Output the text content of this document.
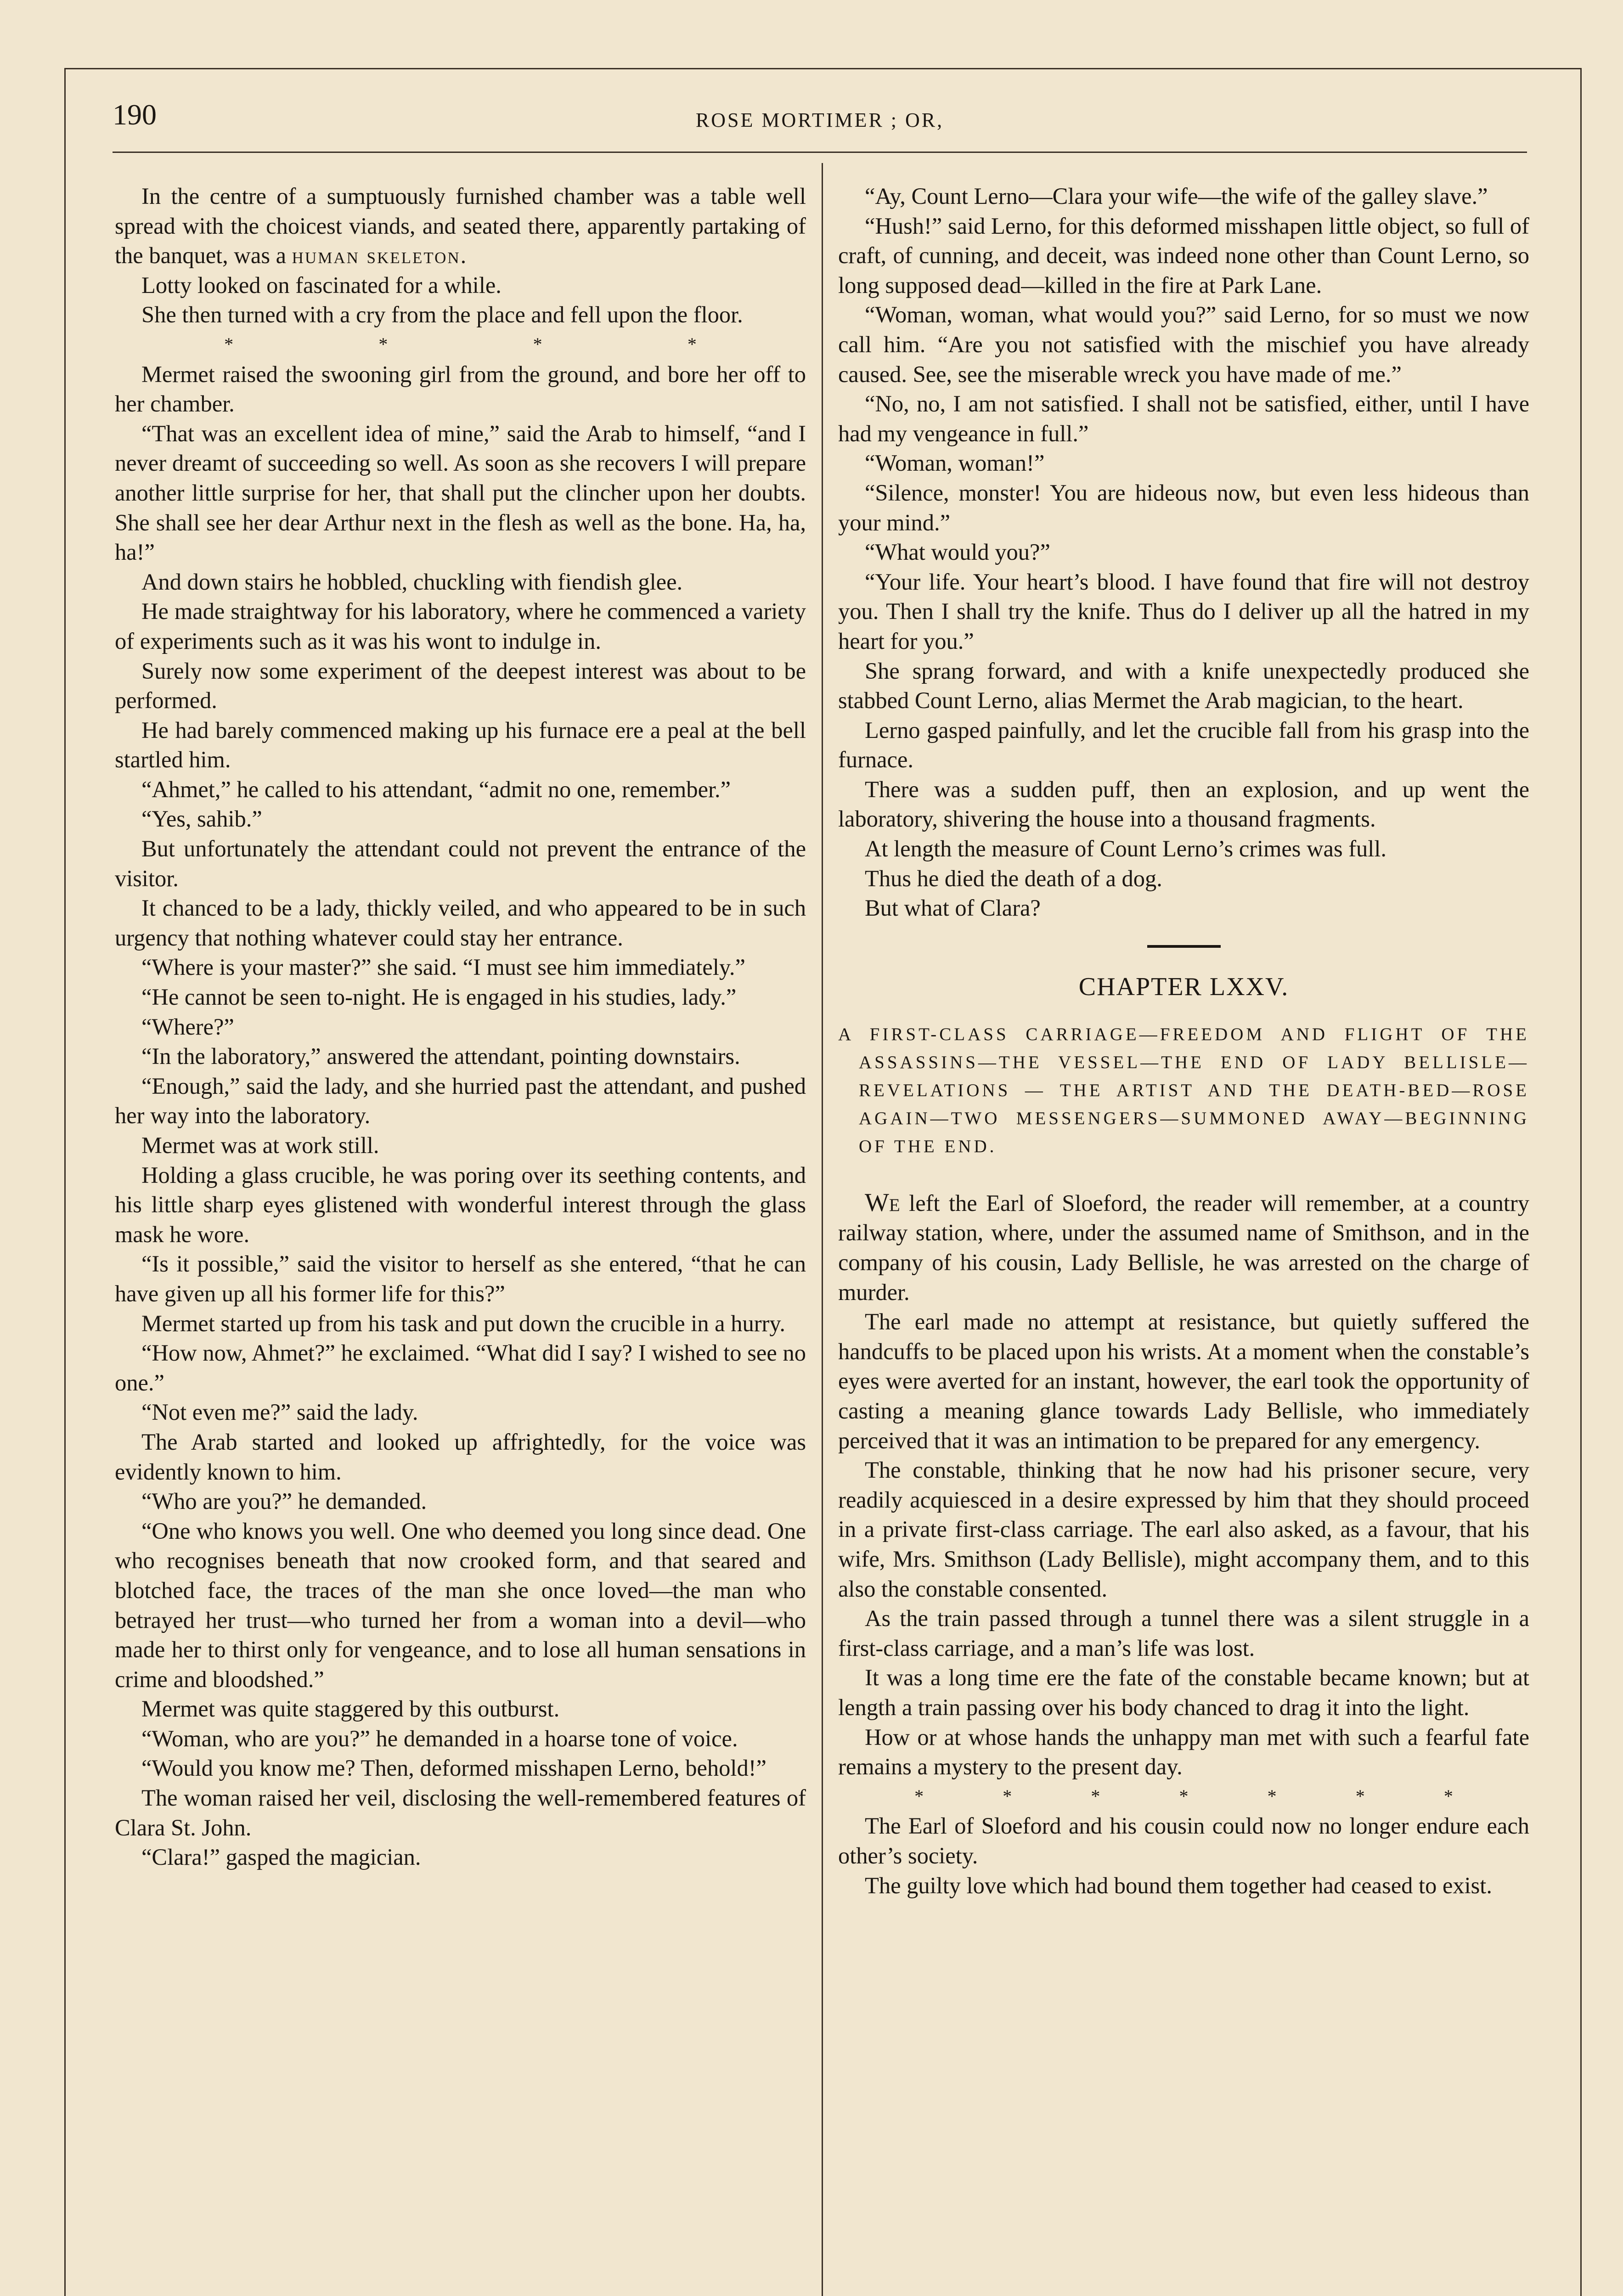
190	ROSE MORTIMER ; OR,

In the centre of a sumptuously furnished chamber was a table well spread with the choicest viands, and seated there, apparently partaking of the banquet, was a human skeleton.

Lotty looked on fascinated for a while.

She then turned with a cry from the place and fell upon the floor.

*	*	*	*

Mermet raised the swooning girl from the ground, and bore her off to her chamber.

“That was an excellent idea of mine,” said the Arab to himself, “and I never dreamt of succeeding so well. As soon as she recovers I will prepare another little surprise for her, that shall put the clincher upon her doubts. She shall see her dear Arthur next in the flesh as well as the bone. Ha, ha, ha!”

And down stairs he hobbled, chuckling with fiendish glee.

He made straightway for his laboratory, where he commenced a variety of experiments such as it was his wont to indulge in.

Surely now some experiment of the deepest interest was about to be performed.

He had barely commenced making up his furnace ere a peal at the bell startled him.

“Ahmet,” he called to his attendant, “admit no one, remember.”

“Yes, sahib.”

But unfortunately the attendant could not prevent the entrance of the visitor.

It chanced to be a lady, thickly veiled, and who appeared to be in such urgency that nothing whatever could stay her entrance.

“Where is your master?” she said. “I must see him immediately.”

“He cannot be seen to-night. He is engaged in his studies, lady.”

“Where?”

“In the laboratory,” answered the attendant, pointing downstairs.

“Enough,” said the lady, and she hurried past the attendant, and pushed her way into the laboratory.

Mermet was at work still.

Holding a glass crucible, he was poring over its seething contents, and his little sharp eyes glistened with wonderful interest through the glass mask he wore.

“Is it possible,” said the visitor to herself as she entered, “that he can have given up all his former life for this?”

Mermet started up from his task and put down the crucible in a hurry.

“How now, Ahmet?” he exclaimed. “What did I say? I wished to see no one.”

“Not even me?” said the lady.

The Arab started and looked up affrightedly, for the voice was evidently known to him.

“Who are you?” he demanded.

“One who knows you well. One who deemed you long since dead. One who recognises beneath that now crooked form, and that seared and blotched face, the traces of the man she once loved—the man who betrayed her trust—who turned her from a woman into a devil—who made her to thirst only for vengeance, and to lose all human sensations in crime and bloodshed.”

Mermet was quite staggered by this outburst.

“Woman, who are you?” he demanded in a hoarse tone of voice.

“Would you know me? Then, deformed misshapen Lerno, behold!”

The woman raised her veil, disclosing the well-remembered features of Clara St. John.

“Clara!” gasped the magician.

“Ay, Count Lerno—Clara your wife—the wife of the galley slave.”

“Hush!” said Lerno, for this deformed misshapen little object, so full of craft, of cunning, and deceit, was indeed none other than Count Lerno, so long supposed dead—killed in the fire at Park Lane.

“Woman, woman, what would you?” said Lerno, for so must we now call him. “Are you not satisfied with the mischief you have already caused. See, see the miserable wreck you have made of me.”

“No, no, I am not satisfied. I shall not be satisfied, either, until I have had my vengeance in full.”

“Woman, woman!”

“Silence, monster! You are hideous now, but even less hideous than your mind.”

“What would you?”

“Your life. Your heart’s blood. I have found that fire will not destroy you. Then I shall try the knife. Thus do I deliver up all the hatred in my heart for you.”

She sprang forward, and with a knife unexpectedly produced she stabbed Count Lerno, alias Mermet the Arab magician, to the heart.

Lerno gasped painfully, and let the crucible fall from his grasp into the furnace.

There was a sudden puff, then an explosion, and up went the laboratory, shivering the house into a thousand fragments.

At length the measure of Count Lerno’s crimes was full.

Thus he died the death of a dog.

But what of Clara?

CHAPTER LXXV.
A FIRST-CLASS CARRIAGE—FREEDOM AND FLIGHT OF THE ASSASSINS—THE VESSEL—THE END OF LADY BELLISLE—REVELATIONS — THE ARTIST AND THE DEATH-BED—ROSE AGAIN—TWO MESSENGERS—SUMMONED AWAY—BEGINNING OF THE END.

We left the Earl of Sloeford, the reader will remember, at a country railway station, where, under the assumed name of Smithson, and in the company of his cousin, Lady Bellisle, he was arrested on the charge of murder.

The earl made no attempt at resistance, but quietly suffered the handcuffs to be placed upon his wrists. At a moment when the constable’s eyes were averted for an instant, however, the earl took the opportunity of casting a meaning glance towards Lady Bellisle, who immediately perceived that it was an intimation to be prepared for any emergency.

The constable, thinking that he now had his prisoner secure, very readily acquiesced in a desire expressed by him that they should proceed in a private first-class carriage. The earl also asked, as a favour, that his wife, Mrs. Smithson (Lady Bellisle), might accompany them, and to this also the constable consented.

As the train passed through a tunnel there was a silent struggle in a first-class carriage, and a man’s life was lost.

It was a long time ere the fate of the constable became known; but at length a train passing over his body chanced to drag it into the light.

How or at whose hands the unhappy man met with such a fearful fate remains a mystery to the present day.

*	*	*	*	*	*	*

The Earl of Sloeford and his cousin could now no longer endure each other’s society.

The guilty love which had bound them together had ceased to exist.
